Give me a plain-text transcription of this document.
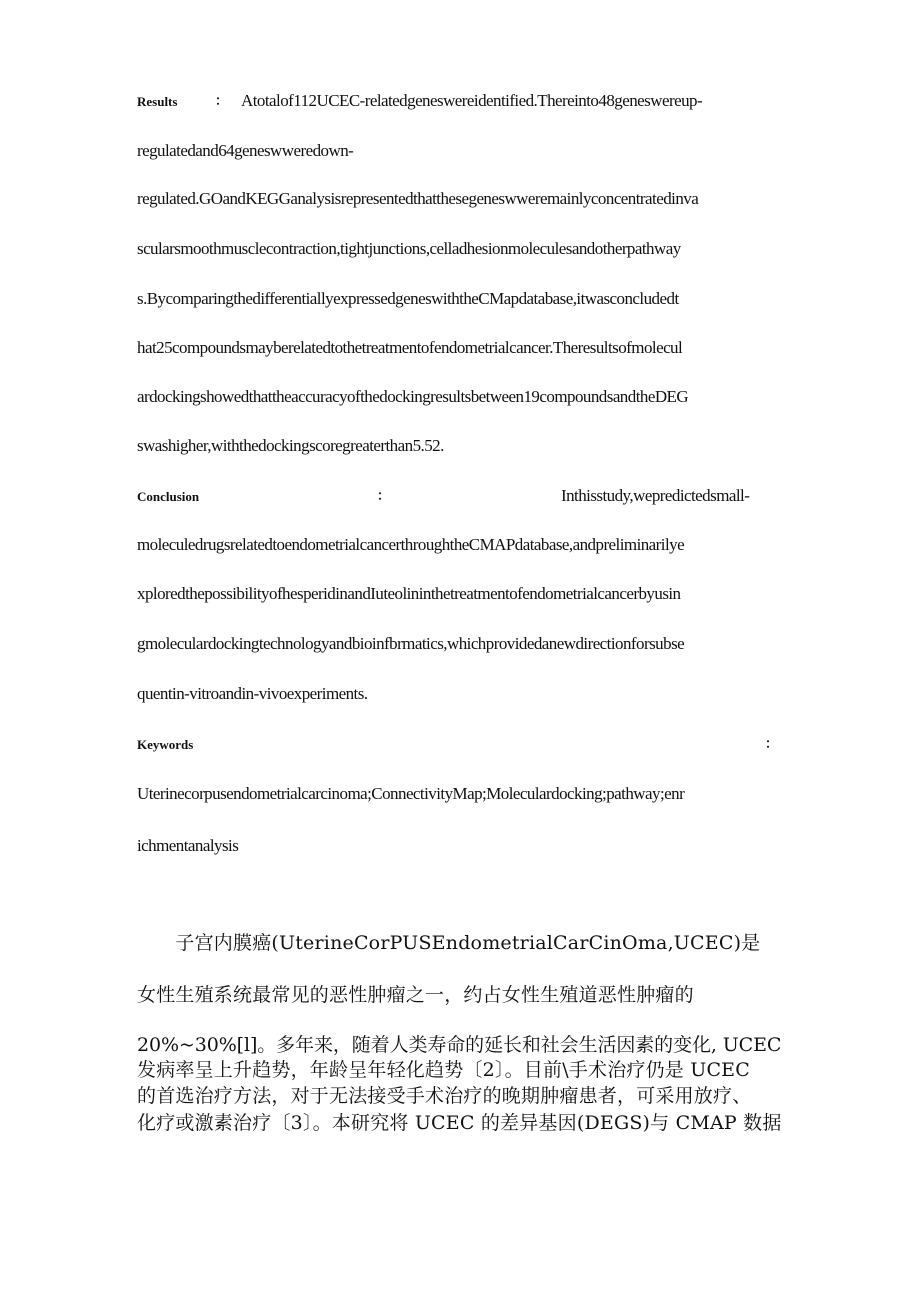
Results	： Atotalof112UCEC-relatedgeneswereidentified.Thereinto48geneswereup-
regulatedand64geneswweredown-
regulated.GOandKEGGanalysisrepresentedthatthesegeneswweremainlyconcentratedinva
scularsmoothmusclecontraction,tightjunctions,celladhesionmoleculesandotherpathway
s.BycomparingthedifferentiallyexpressedgeneswiththeCMapdatabase,itwasconcludedt
hat25compoundsmayberelatedtothetreatmentofendometrialcancer.Theresultsofmolecul
ardockingshowedthattheaccuracyofthedockingresultsbetween19compoundsandtheDEG
swashigher,withthedockingscoregreaterthan5.52.
Conclusion	：	Inthisstudy,wepredictedsmall-
moleculedrugsrelatedtoendometrialcancerthroughtheCMAPdatabase,andpreliminarilye
xploredthepossibilityofhesperidinandIuteolininthetreatmentofendometrialcancerbyusin
gmoleculardockingtechnologyandbioinfbrmatics,whichprovidedanewdirectionforsubse
quentin-vitroandin-vivoexperiments.
Keywords	：
Uterinecorpusendometrialcarcinoma;ConnectivityMap;Moleculardocking;pathway;enr
ichmentanalysis
　　子宫内膜癌(UterineCorPUSEndometrialCarCinOma,UCEC)是
女性生殖系统最常见的恶性肿瘤之一，约占女性生殖道恶性肿瘤的
20%~30%[l]。多年来，随着人类寿命的延长和社会生活因素的变化, UCEC
发病率呈上升趋势，年龄呈年轻化趋势〔2〕。目前\手术治疗仍是 UCEC
的首选治疗方法，对于无法接受手术治疗的晚期肿瘤患者，可采用放疗、
化疗或激素治疗〔3〕。本研究将 UCEC 的差异基因(DEGS)与 CMAP 数据
